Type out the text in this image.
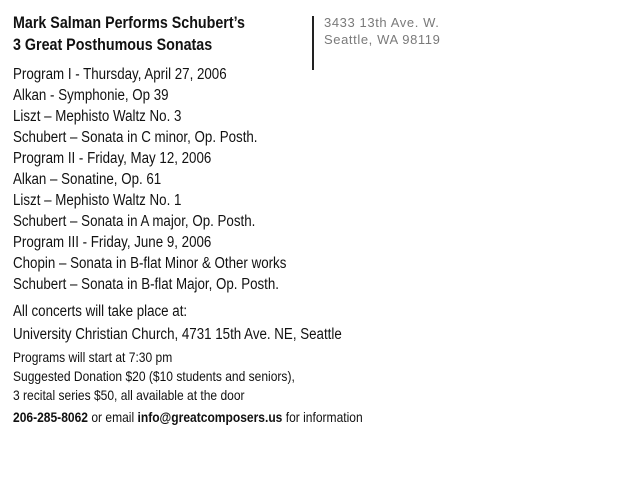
Mark Salman Performs Schubert’s
3 Great Posthumous Sonatas
3433 13th Ave. W.
Seattle, WA 98119
Program I - Thursday, April 27, 2006
Alkan - Symphonie, Op 39
Liszt – Mephisto Waltz No. 3
Schubert – Sonata in C minor, Op. Posth.
Program II - Friday, May 12, 2006
Alkan – Sonatine, Op. 61
Liszt – Mephisto Waltz No. 1
Schubert – Sonata in A major, Op. Posth.
Program III - Friday, June 9, 2006
Chopin – Sonata in B-flat Minor & Other works
Schubert – Sonata in B-flat Major, Op. Posth.
All concerts will take place at:
University Christian Church, 4731 15th Ave. NE, Seattle
Programs will start at 7:30 pm
Suggested Donation $20 ($10 students and seniors),
3 recital series $50, all available at the door
206-285-8062 or email info@greatcomposers.us for information
